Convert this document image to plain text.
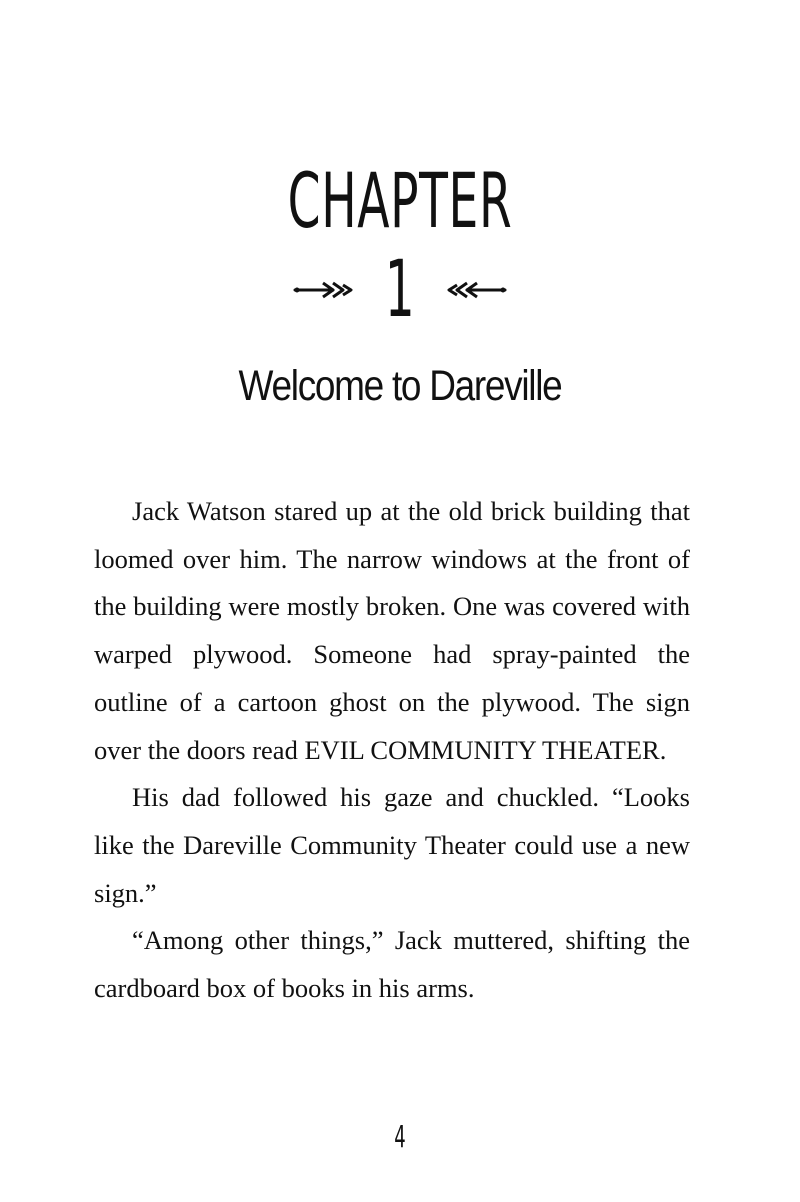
CHAPTER
1
Welcome to Dareville

Jack Watson stared up at the old brick building that loomed over him. The narrow windows at the front of the building were mostly broken. One was covered with warped plywood. Someone had spray-painted the outline of a cartoon ghost on the plywood. The sign over the doors read EVIL COMMUNITY THEATER.

His dad followed his gaze and chuckled. “Looks like the Dareville Community Theater could use a new sign.”

“Among other things,” Jack muttered, shifting the cardboard box of books in his arms.

4
